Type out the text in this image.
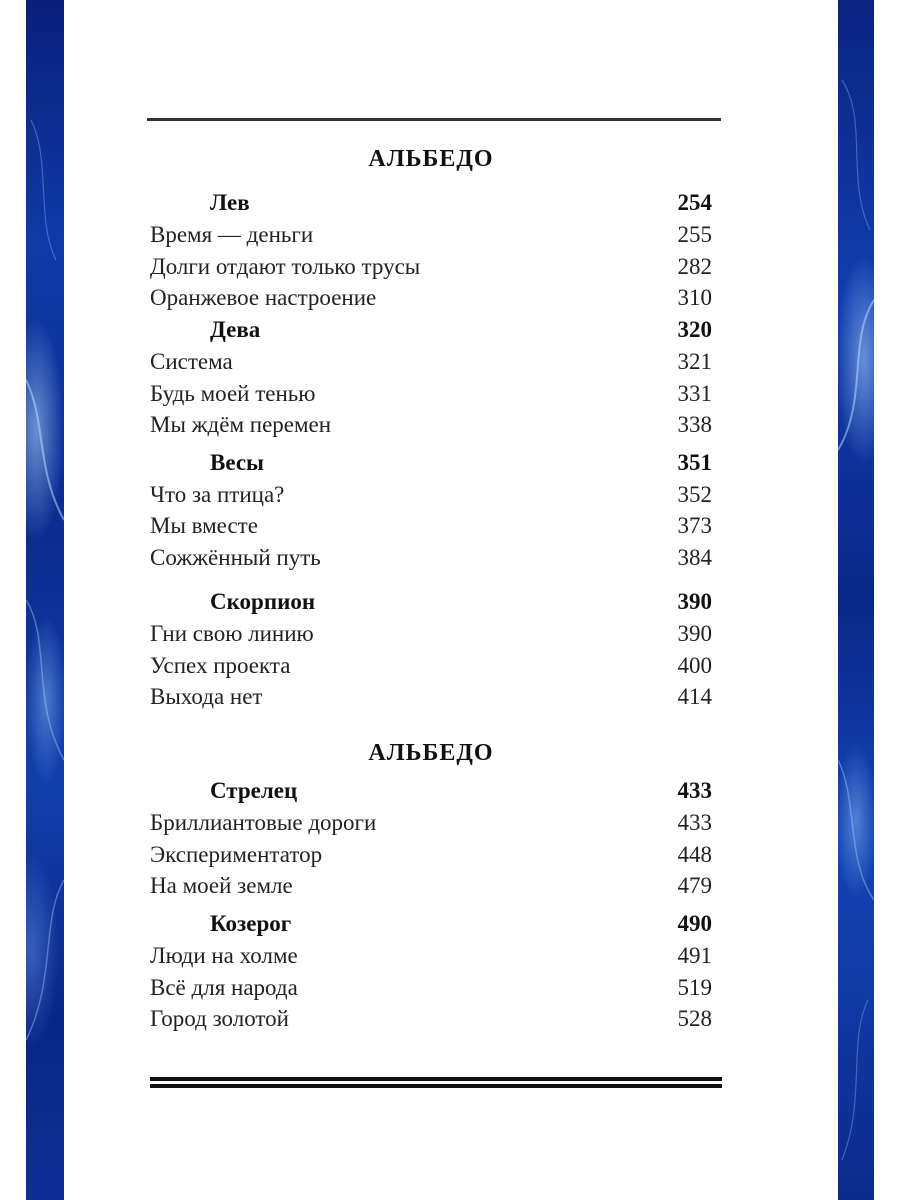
АЛЬБЕДО
Лев	254
Время — деньги	255
Долги отдают только трусы	282
Оранжевое настроение	310
Дева	320
Система	321
Будь моей тенью	331
Мы ждём перемен	338
Весы	351
Что за птица?	352
Мы вместе	373
Сожжённый путь	384
Скорпион	390
Гни свою линию	390
Успех проекта	400
Выхода нет	414
АЛЬБЕДО
Стрелец	433
Бриллиантовые дороги	433
Экспериментатор	448
На моей земле	479
Козерог	490
Люди на холме	491
Всё для народа	519
Город золотой	528
